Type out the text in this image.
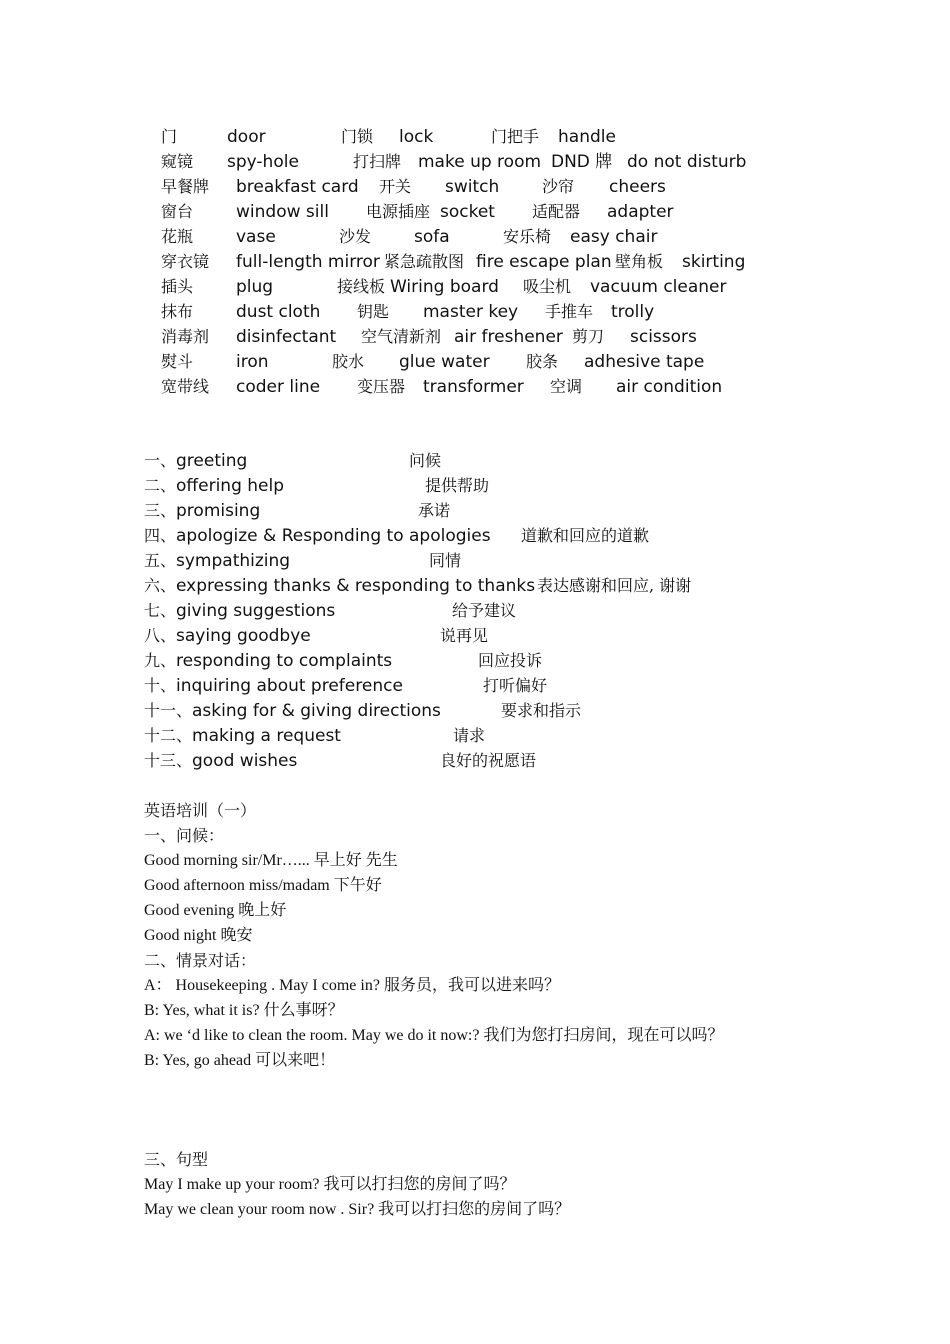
门	door	门锁 lock	门把手 handle
窥镜 spy-hole	打扫牌 make up room DND 牌 do not disturb
早餐牌 breakfast card 开关 switch	沙帘 cheers
窗台	window sill 电源插座 socket 适配器 adapter
花瓶	vase	沙发	sofa	安乐椅 easy chair
穿衣镜 full-length mirror 紧急疏散图 fire escape plan 壁角板 skirting
插头	plug	接线板 Wiring board 吸尘机 vacuum cleaner
抹布	dust cloth 钥匙 master key 手推车 trolly
消毒剂 disinfectant 空气清新剂 air freshener 剪刀 scissors
熨斗	iron	胶水 glue water 胶条 adhesive tape
宽带线 coder line 变压器 transformer 空调 air condition
一、greeting	问候
二、offering help	提供帮助
三、promising	承诺
四、apologize & Responding to apologies 道歉和回应的道歉
五、sympathizing	同情
六、expressing thanks & responding to thanks 表达感谢和回应, 谢谢
七、giving suggestions	给予建议
八、saying goodbye	说再见
九、responding to complaints	回应投诉
十、inquiring about preference	打听偏好
十一、asking for & giving directions	要求和指示
十二、making a request	请求
十三、good wishes	良好的祝愿语
英语培训（一）
一、问候：
Good morning sir/Mr…... 早上好 先生
Good afternoon miss/madam 下午好
Good evening 晚上好
Good night 晚安
二、情景对话：
A： Housekeeping . May I come in? 服务员，我可以进来吗？
B: Yes, what it is? 什么事呀？
A: we ‘d like to clean the room. May we do it now:? 我们为您打扫房间，现在可以吗？
B: Yes, go ahead 可以来吧！
三、句型
May I make up your room? 我可以打扫您的房间了吗？
May we clean your room now . Sir? 我可以打扫您的房间了吗？
